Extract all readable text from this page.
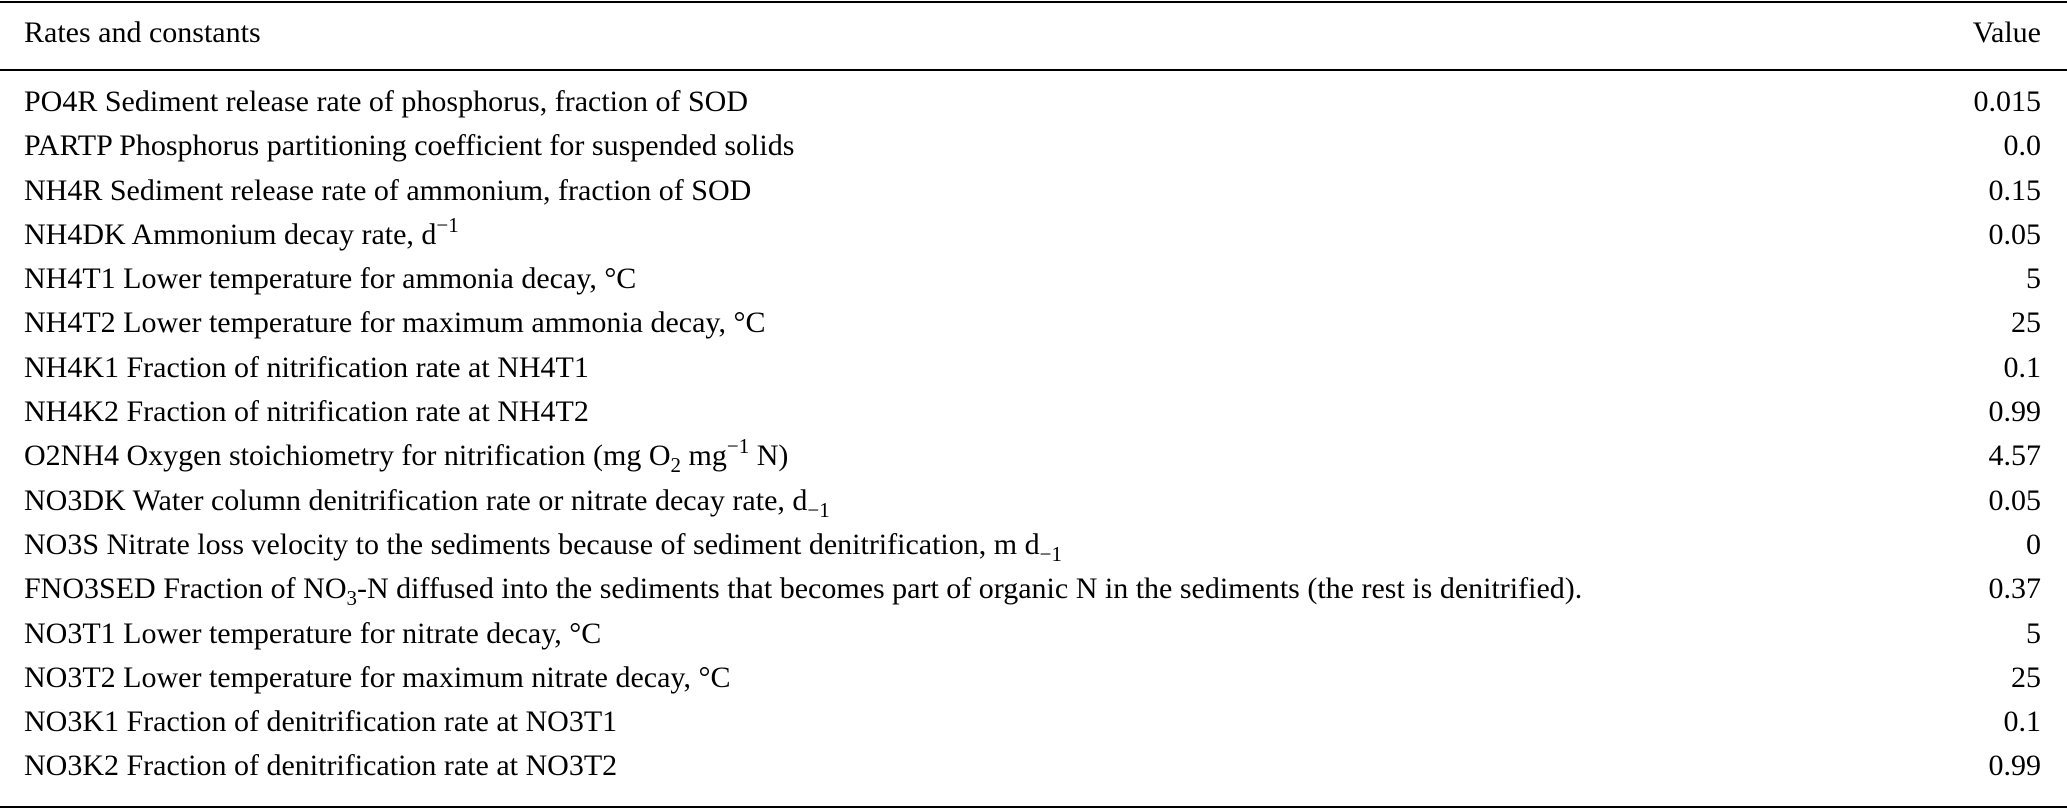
Rates and constants	Value
PO4R Sediment release rate of phosphorus, fraction of SOD	0.015
PARTP Phosphorus partitioning coefficient for suspended solids	0.0
NH4R Sediment release rate of ammonium, fraction of SOD	0.15
NH4DK Ammonium decay rate, $d^{-1}$	0.05
NH4T1 Lower temperature for ammonia decay, °C	5
NH4T2 Lower temperature for maximum ammonia decay, °C	25
NH4K1 Fraction of nitrification rate at NH4T1	0.1
NH4K2 Fraction of nitrification rate at NH4T2	0.99
O2NH4 Oxygen stoichiometry for nitrification (mg $O_2$ $mg^{-1}$ N)	4.57
NO3DK Water column denitrification rate or nitrate decay rate, $d_{-1}$	0.05
NO3S Nitrate loss velocity to the sediments because of sediment denitrification, m $d_{-1}$	0
FNO3SED Fraction of $NO_3-N$ diffused into the sediments that becomes part of organic N in the sediments (the rest is denitrified).	0.37
NO3T1 Lower temperature for nitrate decay, °C	5
NO3T2 Lower temperature for maximum nitrate decay, °C	25
NO3K1 Fraction of denitrification rate at NO3T1	0.1
NO3K2 Fraction of denitrification rate at NO3T2	0.99
